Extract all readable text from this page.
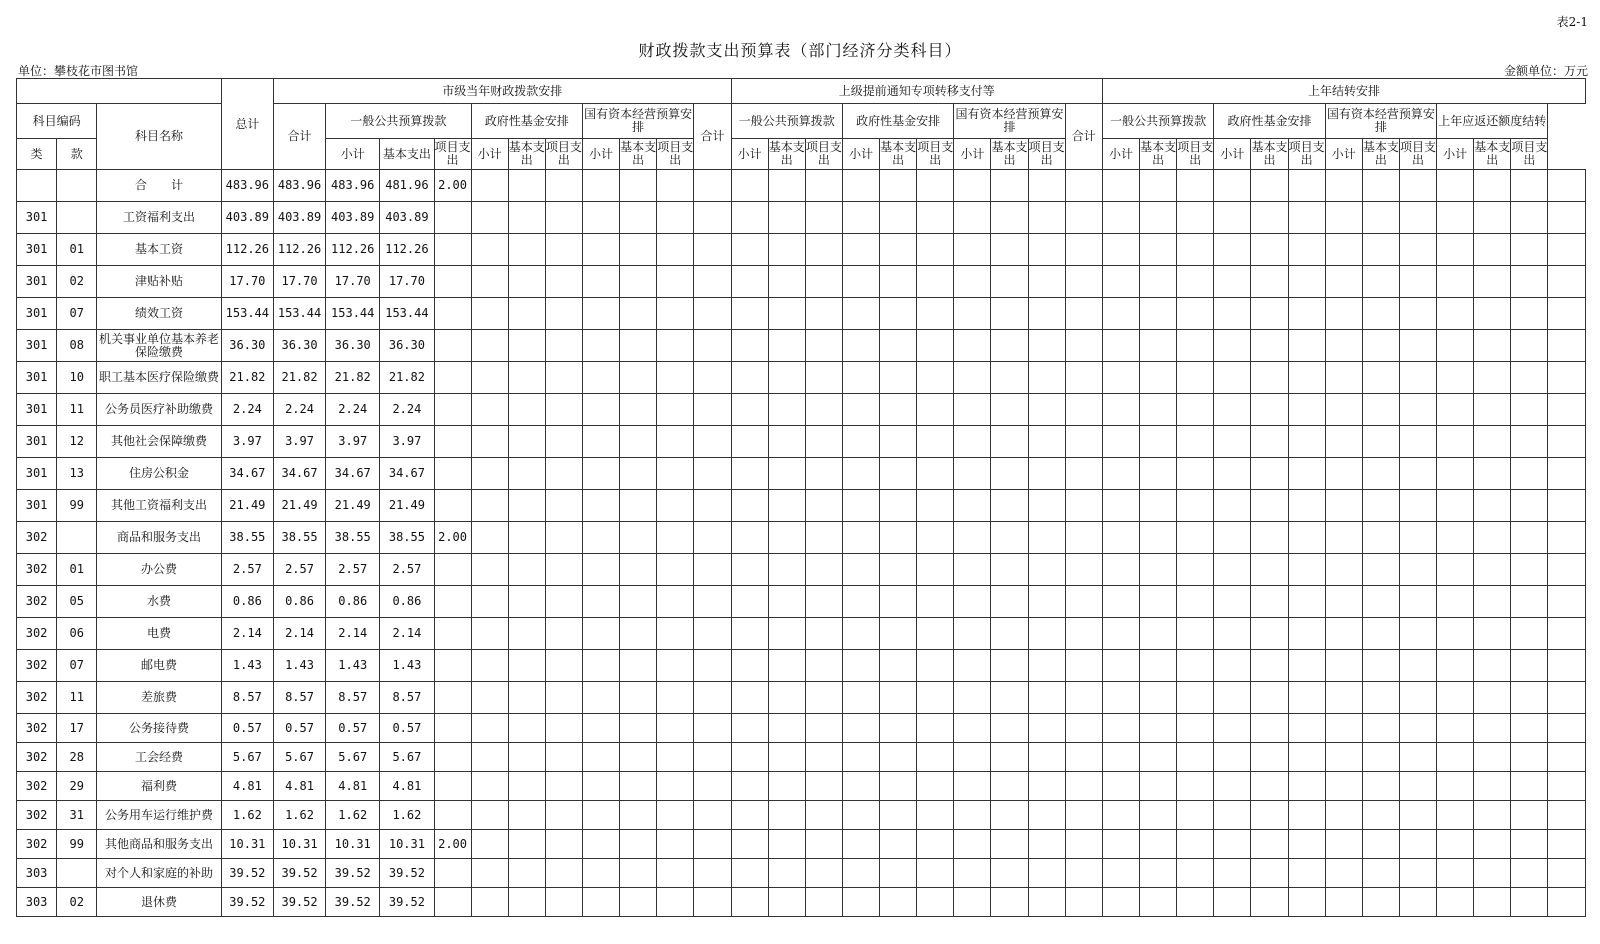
表2-1
财政拨款支出预算表（部门经济分类科目）
单位：攀枝花市图书馆	金额单位：万元
			总计	市级当年财政拨款安排											上级提前通知专项转移支付等										上年结转安排												
科目编码		科目名称		合计	一般公共预算拨款			政府性基金安排			国有资本经营预算安排			合计	一般公共预算拨款			政府性基金安排			国有资本经营预算安排			合计	一般公共预算拨款			政府性基金安排			国有资本经营预算安排			上年应返还额度结转			
类	款				小计	基本支出	项目支出	小计	基本支出	项目支出	小计	基本支出	项目支出		小计	基本支出	项目支出	小计	基本支出	项目支出	小计	基本支出	项目支出		小计	基本支出	项目支出	小计	基本支出	项目支出	小计	基本支出	项目支出	小计	基本支出	项目支出	
		合　　计	483.96	483.96	483.96	481.96	2.00																														
301		工资福利支出	403.89	403.89	403.89	403.89																															
301	01	基本工资	112.26	112.26	112.26	112.26																															
301	02	津贴补贴	17.70	17.70	17.70	17.70																															
301	07	绩效工资	153.44	153.44	153.44	153.44																															
301	08	机关事业单位基本养老保险缴费	36.30	36.30	36.30	36.30																															
301	10	职工基本医疗保险缴费	21.82	21.82	21.82	21.82																															
301	11	公务员医疗补助缴费	2.24	2.24	2.24	2.24																															
301	12	其他社会保障缴费	3.97	3.97	3.97	3.97																															
301	13	住房公积金	34.67	34.67	34.67	34.67																															
301	99	其他工资福利支出	21.49	21.49	21.49	21.49																															
302		商品和服务支出	38.55	38.55	38.55	38.55	2.00																														
302	01	办公费	2.57	2.57	2.57	2.57																															
302	05	水费	0.86	0.86	0.86	0.86																															
302	06	电费	2.14	2.14	2.14	2.14																															
302	07	邮电费	1.43	1.43	1.43	1.43																															
302	11	差旅费	8.57	8.57	8.57	8.57																															
302	17	公务接待费	0.57	0.57	0.57	0.57																															
302	28	工会经费	5.67	5.67	5.67	5.67																															
302	29	福利费	4.81	4.81	4.81	4.81																															
302	31	公务用车运行维护费	1.62	1.62	1.62	1.62																															
302	99	其他商品和服务支出	10.31	10.31	10.31	10.31	2.00																														
303		对个人和家庭的补助	39.52	39.52	39.52	39.52																															
303	02	退休费	39.52	39.52	39.52	39.52																															
